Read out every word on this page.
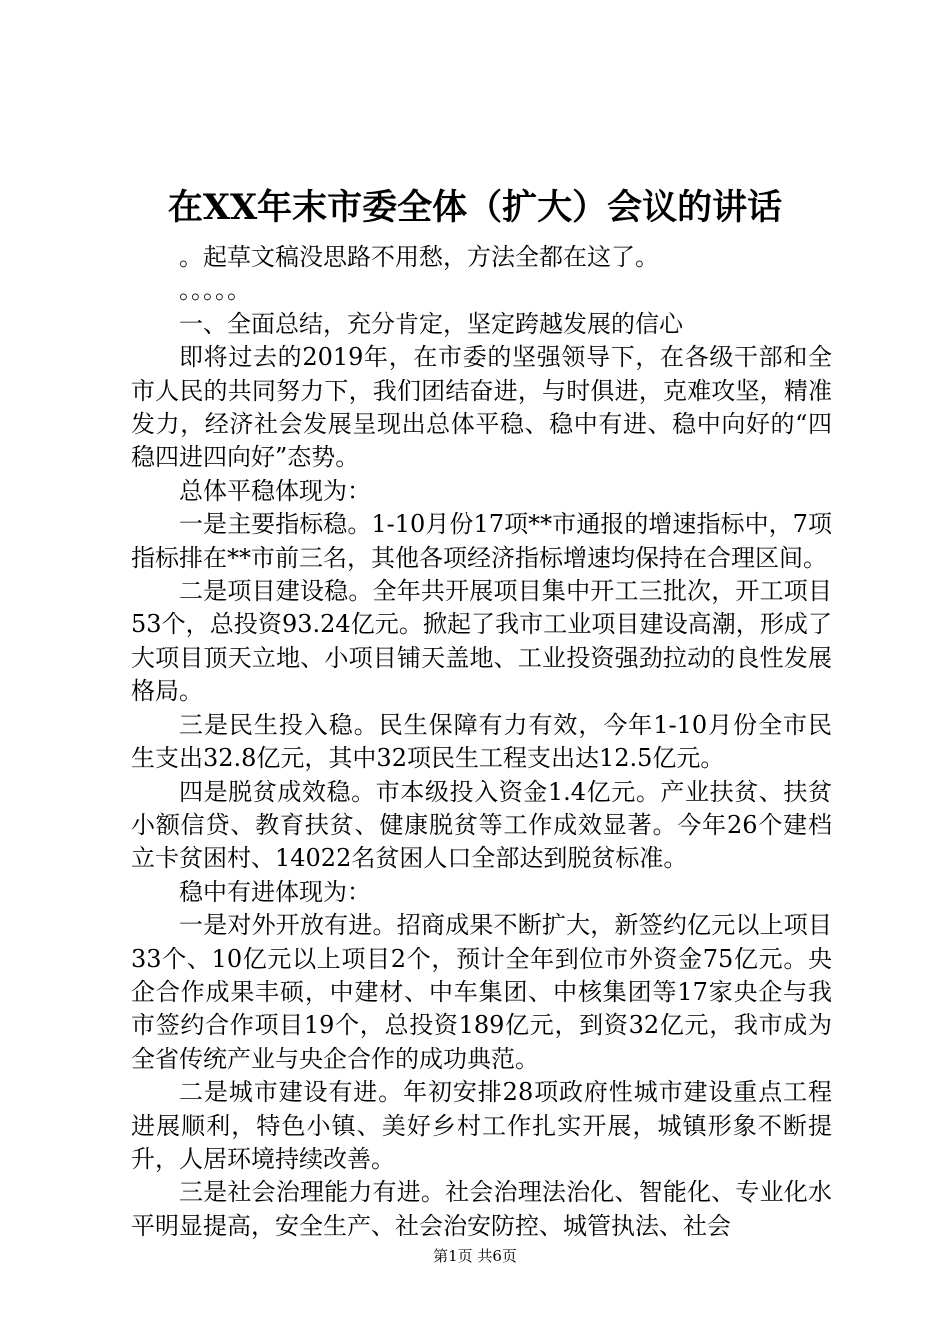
在XX年末市委全体（扩大）会议的讲话

。起草文稿没思路不用愁，方法全都在这了。

。。。。。

一、全面总结，充分肯定，坚定跨越发展的信心

即将过去的2019年，在市委的坚强领导下，在各级干部和全市人民的共同努力下，我们团结奋进，与时俱进，克难攻坚，精准发力，经济社会发展呈现出总体平稳、稳中有进、稳中向好的“四稳四进四向好”态势。

总体平稳体现为：

一是主要指标稳。1-10月份17项**市通报的增速指标中，7项指标排在**市前三名，其他各项经济指标增速均保持在合理区间。

二是项目建设稳。全年共开展项目集中开工三批次，开工项目53个，总投资93.24亿元。掀起了我市工业项目建设高潮，形成了大项目顶天立地、小项目铺天盖地、工业投资强劲拉动的良性发展格局。

三是民生投入稳。民生保障有力有效，今年1-10月份全市民生支出32.8亿元，其中32项民生工程支出达12.5亿元。

四是脱贫成效稳。市本级投入资金1.4亿元。产业扶贫、扶贫小额信贷、教育扶贫、健康脱贫等工作成效显著。今年26个建档立卡贫困村、14022名贫困人口全部达到脱贫标准。

稳中有进体现为：

一是对外开放有进。招商成果不断扩大，新签约亿元以上项目33个、10亿元以上项目2个，预计全年到位市外资金75亿元。央企合作成果丰硕，中建材、中车集团、中核集团等17家央企与我市签约合作项目19个，总投资189亿元，到资32亿元，我市成为全省传统产业与央企合作的成功典范。

二是城市建设有进。年初安排28项政府性城市建设重点工程进展顺利，特色小镇、美好乡村工作扎实开展，城镇形象不断提升，人居环境持续改善。

三是社会治理能力有进。社会治理法治化、智能化、专业化水平明显提高，安全生产、社会治安防控、城管执法、社会

第1页 共6页
